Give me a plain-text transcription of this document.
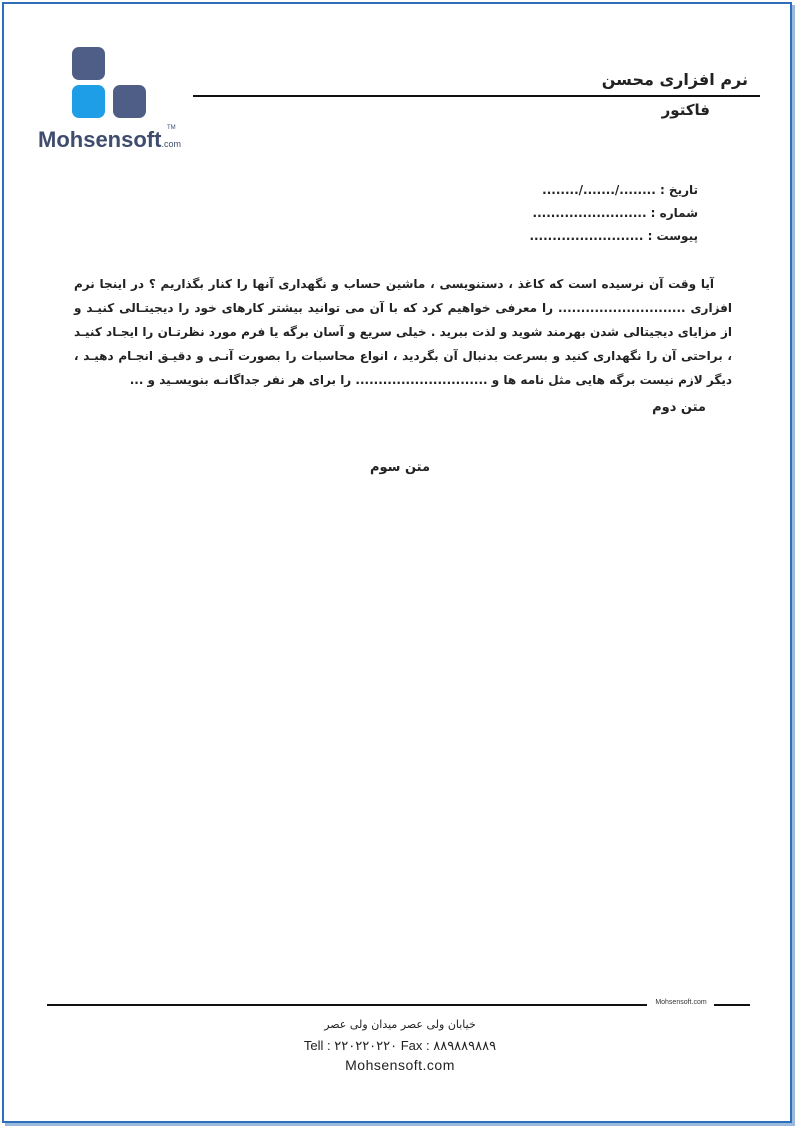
Mohsensoft.com
TM
نرم افزاری محسن
فاکتور
تاریخ : ......../......./........
شماره : .........................
پیوست : .........................

آیا وقت آن نرسیده است که کاغذ ، دستنویسی ، ماشین حساب و نگهداری آنها را کنار بگذاریم ؟ در اینجا نرم افزاری ............................ را معرفی خواهیم کرد که با آن می توانید بیشتر کارهای خود را دیجیتـالی کنیـد و از مزایای دیجیتالی شدن بهرمند شوید و لذت ببرید . خیلی سریع و آسان برگه یا فرم مورد نظرتـان را ایجـاد کنیـد ، براحتی آن را نگهداری کنید و بسرعت بدنبال آن بگردید ، انواع محاسبات را بصورت آنـی و دقیـق انجـام دهیـد ، دیگر لازم نیست برگه هایی مثل نامه ها و ............................. را برای هر نفر جداگانـه بنویسـید و ...

متن دوم
متن سوم
Mohsensoft.com
خیابان ولی عصر میدان ولی عصر
Tell : ۲۲۰۲۲۰۲۲۰ Fax : ۸۸۹۸۸۹۸۸۹
Mohsensoft.com
